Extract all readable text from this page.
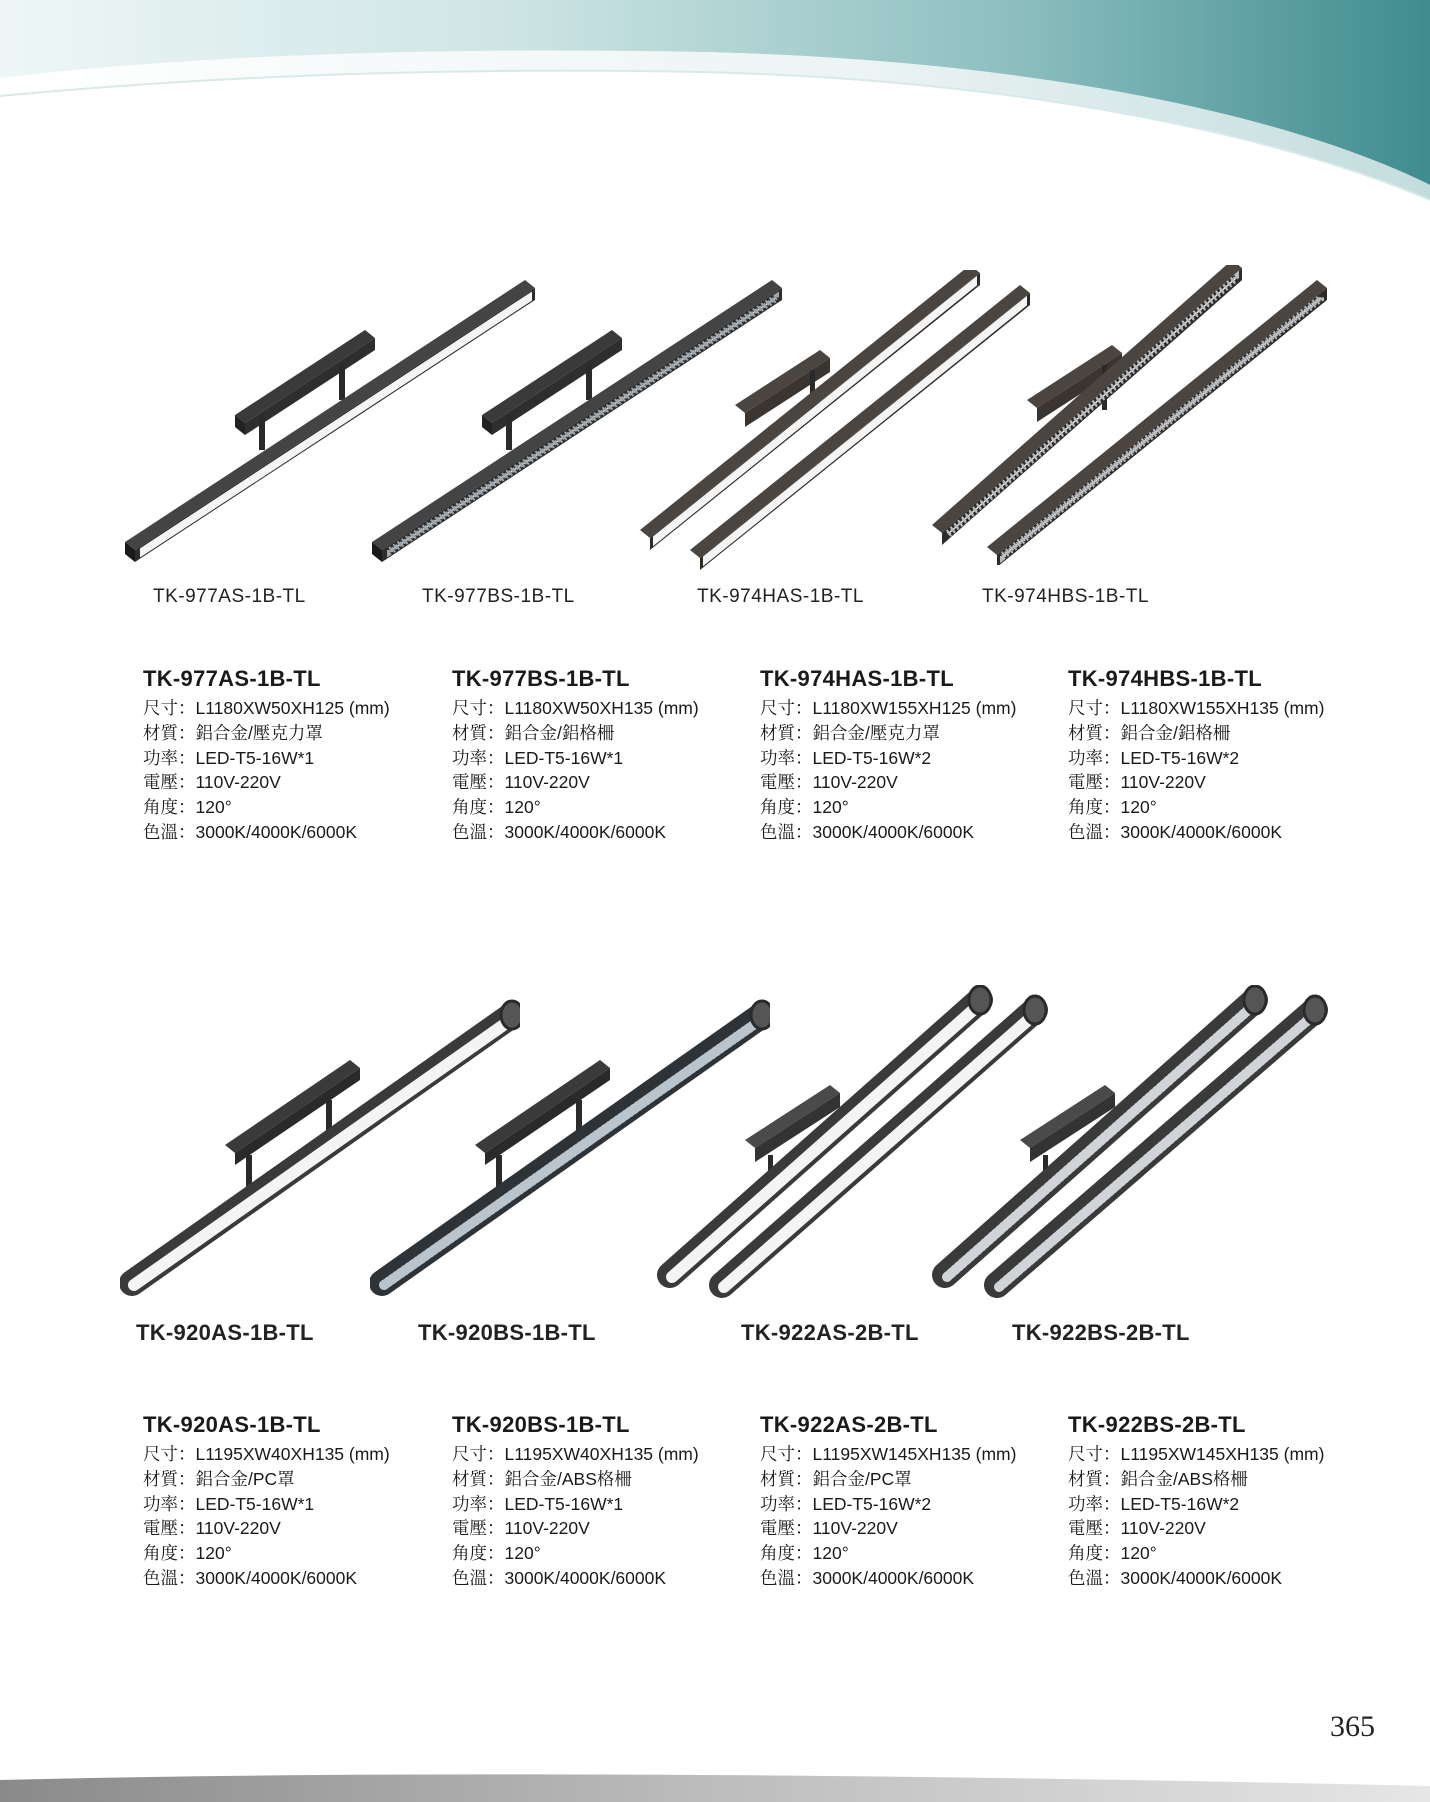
TK-977AS-1B-TL	TK-977BS-1B-TL	TK-974HAS-1B-TL	TK-974HBS-1B-TL
TK-977AS-1B-TL
尺寸：L1180XW50XH125 (mm)
材質：鋁合金/壓克力罩
功率：LED-T5-16W*1
電壓：110V-220V
角度：120°
色溫：3000K/4000K/6000K
TK-977BS-1B-TL
尺寸：L1180XW50XH135 (mm)
材質：鋁合金/鋁格柵
功率：LED-T5-16W*1
電壓：110V-220V
角度：120°
色溫：3000K/4000K/6000K
TK-974HAS-1B-TL
尺寸：L1180XW155XH125 (mm)
材質：鋁合金/壓克力罩
功率：LED-T5-16W*2
電壓：110V-220V
角度：120°
色溫：3000K/4000K/6000K
TK-974HBS-1B-TL
尺寸：L1180XW155XH135 (mm)
材質：鋁合金/鋁格柵
功率：LED-T5-16W*2
電壓：110V-220V
角度：120°
色溫：3000K/4000K/6000K
TK-920AS-1B-TL	TK-920BS-1B-TL	TK-922AS-2B-TL	TK-922BS-2B-TL
TK-920AS-1B-TL
尺寸：L1195XW40XH135 (mm)
材質：鋁合金/PC罩
功率：LED-T5-16W*1
電壓：110V-220V
角度：120°
色溫：3000K/4000K/6000K
TK-920BS-1B-TL
尺寸：L1195XW40XH135 (mm)
材質：鋁合金/ABS格柵
功率：LED-T5-16W*1
電壓：110V-220V
角度：120°
色溫：3000K/4000K/6000K
TK-922AS-2B-TL
尺寸：L1195XW145XH135 (mm)
材質：鋁合金/PC罩
功率：LED-T5-16W*2
電壓：110V-220V
角度：120°
色溫：3000K/4000K/6000K
TK-922BS-2B-TL
尺寸：L1195XW145XH135 (mm)
材質：鋁合金/ABS格柵
功率：LED-T5-16W*2
電壓：110V-220V
角度：120°
色溫：3000K/4000K/6000K
365
